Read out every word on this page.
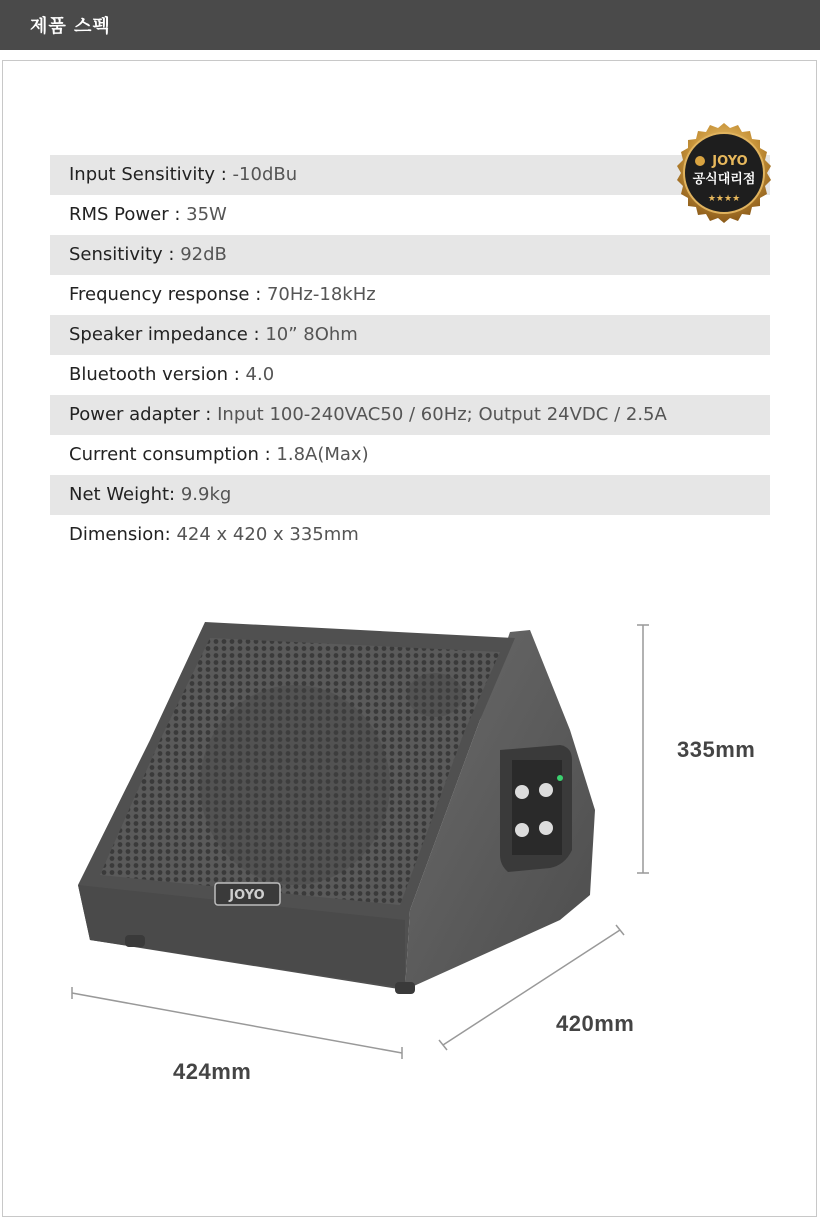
제품 스펙
Input Sensitivity : -10dBu
RMS Power : 35W
Sensitivity : 92dB
Frequency response : 70Hz-18kHz
Speaker impedance : 10” 8Ohm
Bluetooth version : 4.0
Power adapter : Input 100-240VAC50 / 60Hz; Output 24VDC / 2.5A
Current consumption : 1.8A(Max)
Net Weight: 9.9kg
Dimension: 424 x 420 x 335mm
JOYO
공식대리점
★★★★
JOYO
335mm
420mm
424mm
